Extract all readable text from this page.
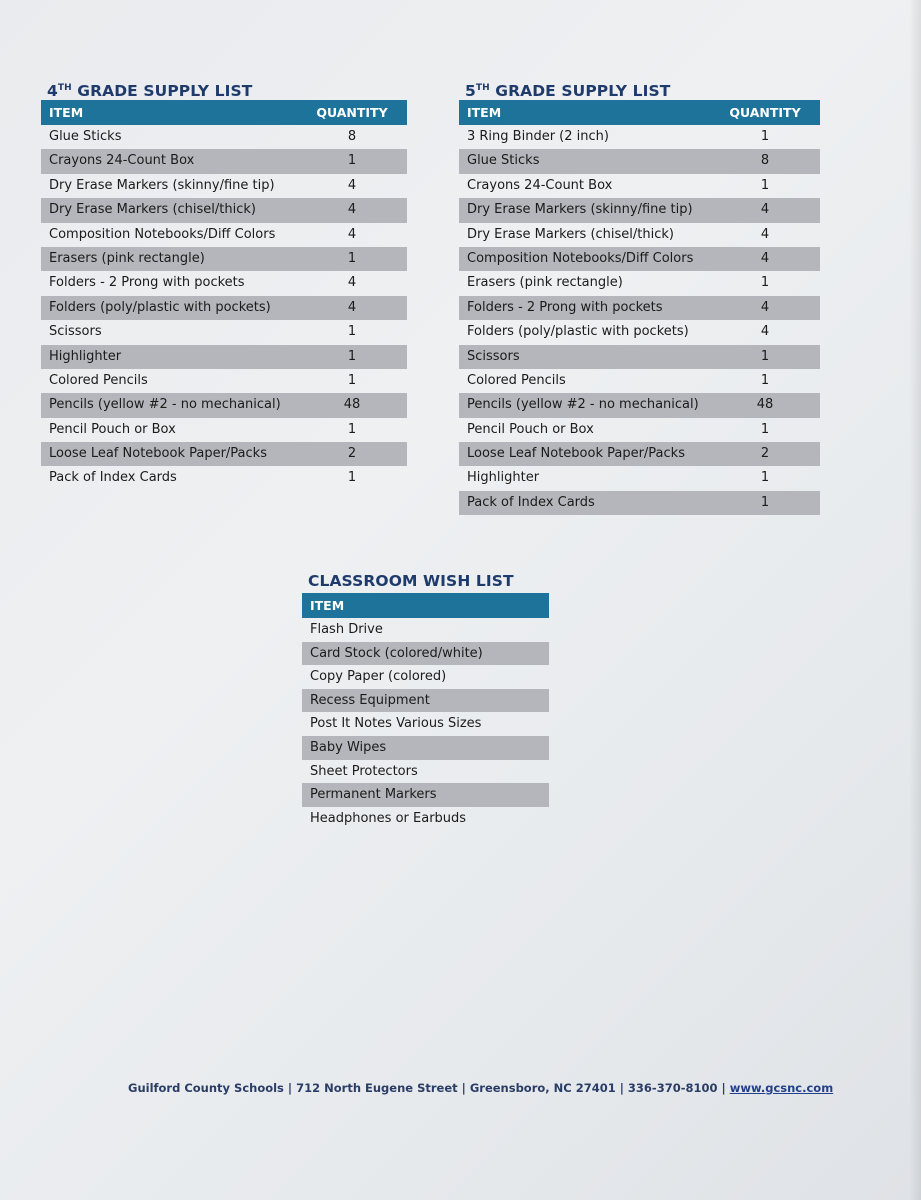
4TH GRADE SUPPLY LIST
ITEM	QUANTITY
Glue Sticks	8
Crayons 24-Count Box	1
Dry Erase Markers (skinny/fine tip)	4
Dry Erase Markers (chisel/thick)	4
Composition Notebooks/Diff Colors	4
Erasers (pink rectangle)	1
Folders - 2 Prong with pockets	4
Folders (poly/plastic with pockets)	4
Scissors	1
Highlighter	1
Colored Pencils	1
Pencils (yellow #2 - no mechanical)	48
Pencil Pouch or Box	1
Loose Leaf Notebook Paper/Packs	2
Pack of Index Cards	1
5TH GRADE SUPPLY LIST
ITEM	QUANTITY
3 Ring Binder (2 inch)	1
Glue Sticks	8
Crayons 24-Count Box	1
Dry Erase Markers (skinny/fine tip)	4
Dry Erase Markers (chisel/thick)	4
Composition Notebooks/Diff Colors	4
Erasers (pink rectangle)	1
Folders - 2 Prong with pockets	4
Folders (poly/plastic with pockets)	4
Scissors	1
Colored Pencils	1
Pencils (yellow #2 - no mechanical)	48
Pencil Pouch or Box	1
Loose Leaf Notebook Paper/Packs	2
Highlighter	1
Pack of Index Cards	1
CLASSROOM WISH LIST
ITEM
Flash Drive
Card Stock (colored/white)
Copy Paper (colored)
Recess Equipment
Post It Notes Various Sizes
Baby Wipes
Sheet Protectors
Permanent Markers
Headphones or Earbuds
Guilford County Schools | 712 North Eugene Street | Greensboro, NC 27401 | 336-370-8100 | www.gcsnc.com
